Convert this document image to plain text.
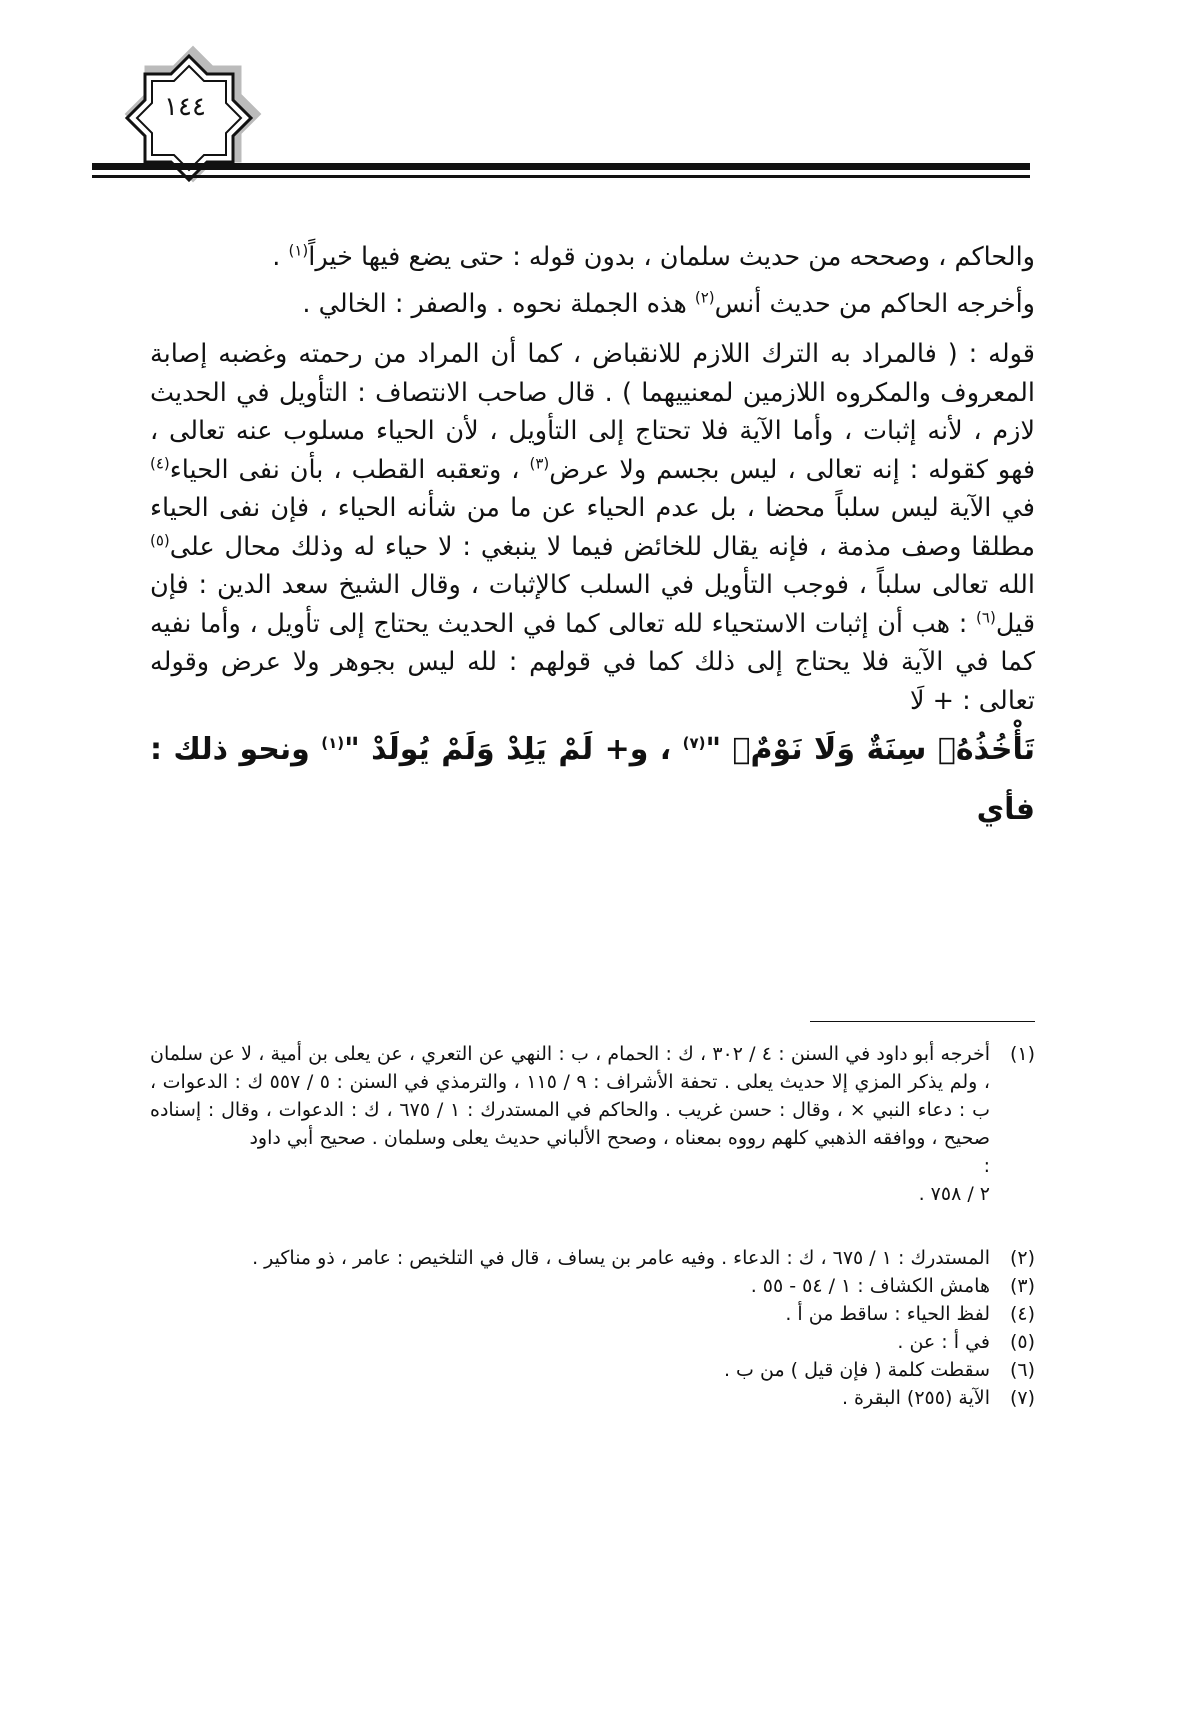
١٤٤

والحاكم ، وصححه من حديث سلمان ، بدون قوله : حتى يضع فيها خيراً$^{(١)}$ .

وأخرجه الحاكم من حديث أنس$^{(٢)}$ هذه الجملة نحوه . والصفر : الخالي .

قوله : ( فالمراد به الترك اللازم للانقباض ، كما أن المراد من رحمته وغضبه إصابة المعروف والمكروه اللازمين لمعنييهما ) . قال صاحب الانتصاف : التأويل في الحديث لازم ، لأنه إثبات ، وأما الآية فلا تحتاج إلى التأويل ، لأن الحياء مسلوب عنه تعالى ، فهو كقوله : إنه تعالى ، ليس بجسم ولا عرض$^{(٣)}$ ، وتعقبه القطب ، بأن نفى الحياء$^{(٤)}$ في الآية ليس سلباً محضا ، بل عدم الحياء عن ما من شأنه الحياء ، فإن نفى الحياء مطلقا وصف مذمة ، فإنه يقال للخائض فيما لا ينبغي : لا حياء له وذلك محال على$^{(٥)}$ الله تعالى سلباً ، فوجب التأويل في السلب كالإثبات ، وقال الشيخ سعد الدين : فإن قيل$^{(٦)}$ : هب أن إثبات الاستحياء لله تعالى كما في الحديث يحتاج إلى تأويل ، وأما نفيه كما في الآية فلا يحتاج إلى ذلك كما في قولهم : لله ليس بجوهر ولا عرض وقوله تعالى : + لَا

تَأْخُذُهُۥ سِنَةٌ وَلَا نَوْمٌۚ "$^{(٧)}$ ، و+ لَمْ يَلِدْ وَلَمْ يُولَدْ "$^{(١)}$ ونحو ذلك : فأي

(١)
أخرجه أبو داود في السنن : ٤ / ٣٠٢ ، ك : الحمام ، ب : النهي عن التعري ، عن يعلى بن أمية ، لا عن سلمان ، ولم يذكر المزي إلا حديث يعلى . تحفة الأشراف : ٩ / ١١٥ ، والترمذي في السنن : ٥ / ٥٥٧ ك : الدعوات ، ب : دعاء النبي × ، وقال : حسن غريب . والحاكم في المستدرك : ١ / ٦٧٥ ، ك : الدعوات ، وقال : إسناده صحيح ، ووافقه الذهبي كلهم رووه بمعناه ، وصحح الألباني حديث يعلى وسلمان . صحيح أبي داود
:
٢ / ٧٥٨ .
(٢)
المستدرك : ١ / ٦٧٥ ، ك : الدعاء . وفيه عامر بن يساف ، قال في التلخيص : عامر ، ذو مناكير .
(٣)
هامش الكشاف : ١ / ٥٤ - ٥٥ .
(٤)
لفظ الحياء : ساقط من أ .
(٥)
في أ : عن .
(٦)
سقطت كلمة ( فإن قيل ) من ب .
(٧)
الآية (٢٥٥) البقرة .
